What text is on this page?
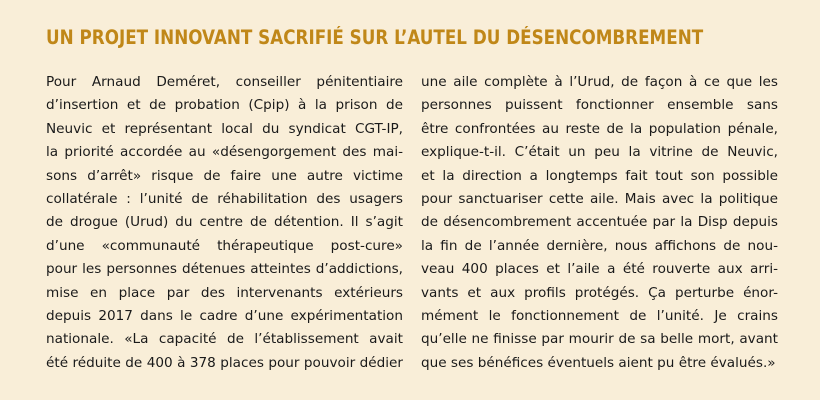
UN PROJET INNOVANT SACRIFIÉ SUR L’AUTEL DU DÉSENCOMBREMENT
Pour Arnaud Deméret, conseiller pénitentiaire
d’insertion et de probation (Cpip) à la prison de
Neuvic et représentant local du syndicat CGT-IP,
la priorité accordée au «désengorgement des mai-
sons d’arrêt» risque de faire une autre victime
collatérale : l’unité de réhabilitation des usagers
de drogue (Urud) du centre de détention. Il s’agit
d’une «communauté thérapeutique post-cure»
pour les personnes détenues atteintes d’addictions,
mise en place par des intervenants extérieurs
depuis 2017 dans le cadre d’une expérimentation
nationale. «La capacité de l’établissement avait
été réduite de 400 à 378 places pour pouvoir dédier
une aile complète à l’Urud, de façon à ce que les
personnes puissent fonctionner ensemble sans
être confrontées au reste de la population pénale,
explique-t-il. C’était un peu la vitrine de Neuvic,
et la direction a longtemps fait tout son possible
pour sanctuariser cette aile. Mais avec la politique
de désencombrement accentuée par la Disp depuis
la fin de l’année dernière, nous affichons de nou-
veau 400 places et l’aile a été rouverte aux arri-
vants et aux profils protégés. Ça perturbe énor-
mément le fonctionnement de l’unité. Je crains
qu’elle ne finisse par mourir de sa belle mort, avant
que ses bénéfices éventuels aient pu être évalués.»
